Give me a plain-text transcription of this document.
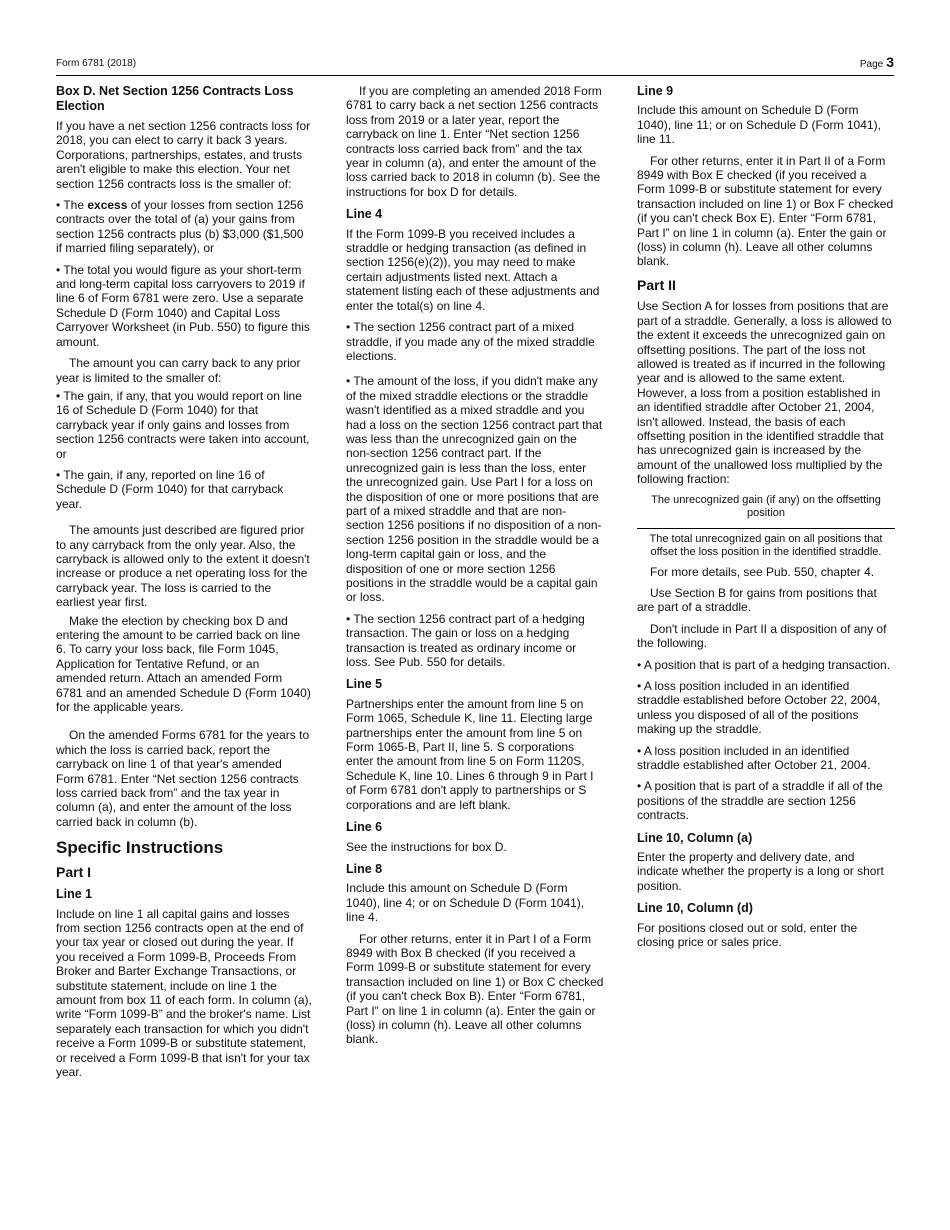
Form 6781 (2018)	Page 3
Box D. Net Section 1256 Contracts Loss Election

If you have a net section 1256 contracts loss for 2018, you can elect to carry it back 3 years. Corporations, partnerships, estates, and trusts aren't eligible to make this election. Your net section 1256 contracts loss is the smaller of:

• The excess of your losses from section 1256 contracts over the total of (a) your gains from section 1256 contracts plus (b) $3,000 ($1,500 if married filing separately), or

• The total you would figure as your short-term and long-term capital loss carryovers to 2019 if line 6 of Form 6781 were zero. Use a separate Schedule D (Form 1040) and Capital Loss Carryover Worksheet (in Pub. 550) to figure this amount.

The amount you can carry back to any prior year is limited to the smaller of:

• The gain, if any, that you would report on line 16 of Schedule D (Form 1040) for that carryback year if only gains and losses from section 1256 contracts were taken into account, or

• The gain, if any, reported on line 16 of Schedule D (Form 1040) for that carryback year.

The amounts just described are figured prior to any carryback from the only year. Also, the carryback is allowed only to the extent it doesn't increase or produce a net operating loss for the carryback year. The loss is carried to the earliest year first.

Make the election by checking box D and entering the amount to be carried back on line 6. To carry your loss back, file Form 1045, Application for Tentative Refund, or an amended return. Attach an amended Form 6781 and an amended Schedule D (Form 1040) for the applicable years.

On the amended Forms 6781 for the years to which the loss is carried back, report the carryback on line 1 of that year's amended Form 6781. Enter “Net section 1256 contracts loss carried back from” and the tax year in column (a), and enter the amount of the loss carried back in column (b).

Specific Instructions
Part I
Line 1

Include on line 1 all capital gains and losses from section 1256 contracts open at the end of your tax year or closed out during the year. If you received a Form 1099-B, Proceeds From Broker and Barter Exchange Transactions, or substitute statement, include on line 1 the amount from box 11 of each form. In column (a), write “Form 1099-B” and the broker's name. List separately each transaction for which you didn't receive a Form 1099-B or substitute statement, or received a Form 1099-B that isn't for your tax year.

If you are completing an amended 2018 Form 6781 to carry back a net section 1256 contracts loss from 2019 or a later year, report the carryback on line 1. Enter “Net section 1256 contracts loss carried back from” and the tax year in column (a), and enter the amount of the loss carried back to 2018 in column (b). See the instructions for box D for details.

Line 4

If the Form 1099-B you received includes a straddle or hedging transaction (as defined in section 1256(e)(2)), you may need to make certain adjustments listed next. Attach a statement listing each of these adjustments and enter the total(s) on line 4.

• The section 1256 contract part of a mixed straddle, if you made any of the mixed straddle elections.

• The amount of the loss, if you didn't make any of the mixed straddle elections or the straddle wasn't identified as a mixed straddle and you had a loss on the section 1256 contract part that was less than the unrecognized gain on the non-section 1256 contract part. If the unrecognized gain is less than the loss, enter the unrecognized gain. Use Part I for a loss on the disposition of one or more positions that are part of a mixed straddle and that are non-section 1256 positions if no disposition of a non-section 1256 position in the straddle would be a long-term capital gain or loss, and the disposition of one or more section 1256 positions in the straddle would be a capital gain or loss.

• The section 1256 contract part of a hedging transaction. The gain or loss on a hedging transaction is treated as ordinary income or loss. See Pub. 550 for details.

Line 5

Partnerships enter the amount from line 5 on Form 1065, Schedule K, line 11. Electing large partnerships enter the amount from line 5 on Form 1065-B, Part II, line 5. S corporations enter the amount from line 5 on Form 1120S, Schedule K, line 10. Lines 6 through 9 in Part I of Form 6781 don't apply to partnerships or S corporations and are left blank.

Line 6

See the instructions for box D.

Line 8

Include this amount on Schedule D (Form 1040), line 4; or on Schedule D (Form 1041), line 4.

For other returns, enter it in Part I of a Form 8949 with Box B checked (if you received a Form 1099-B or substitute statement for every transaction included on line 1) or Box C checked (if you can't check Box B). Enter “Form 6781, Part I” on line 1 in column (a). Enter the gain or (loss) in column (h). Leave all other columns blank.

Line 9

Include this amount on Schedule D (Form 1040), line 11; or on Schedule D (Form 1041), line 11.

For other returns, enter it in Part II of a Form 8949 with Box E checked (if you received a Form 1099-B or substitute statement for every transaction included on line 1) or Box F checked (if you can't check Box E). Enter “Form 6781, Part I” on line 1 in column (a). Enter the gain or (loss) in column (h). Leave all other columns blank.

Part II

Use Section A for losses from positions that are part of a straddle. Generally, a loss is allowed to the extent it exceeds the unrecognized gain on offsetting positions. The part of the loss not allowed is treated as if incurred in the following year and is allowed to the same extent. However, a loss from a position established in an identified straddle after October 21, 2004, isn't allowed. Instead, the basis of each offsetting position in the identified straddle that has unrecognized gain is increased by the amount of the unallowed loss multiplied by the following fraction:

The unrecognized gain (if any) on the offsetting position
The total unrecognized gain on all positions that offset the loss position in the identified straddle.

For more details, see Pub. 550, chapter 4.

Use Section B for gains from positions that are part of a straddle.

Don't include in Part II a disposition of any of the following.

• A position that is part of a hedging transaction.

• A loss position included in an identified straddle established before October 22, 2004, unless you disposed of all of the positions making up the straddle.

• A loss position included in an identified straddle established after October 21, 2004.

• A position that is part of a straddle if all of the positions of the straddle are section 1256 contracts.

Line 10, Column (a)

Enter the property and delivery date, and indicate whether the property is a long or short position.

Line 10, Column (d)

For positions closed out or sold, enter the closing price or sales price.
